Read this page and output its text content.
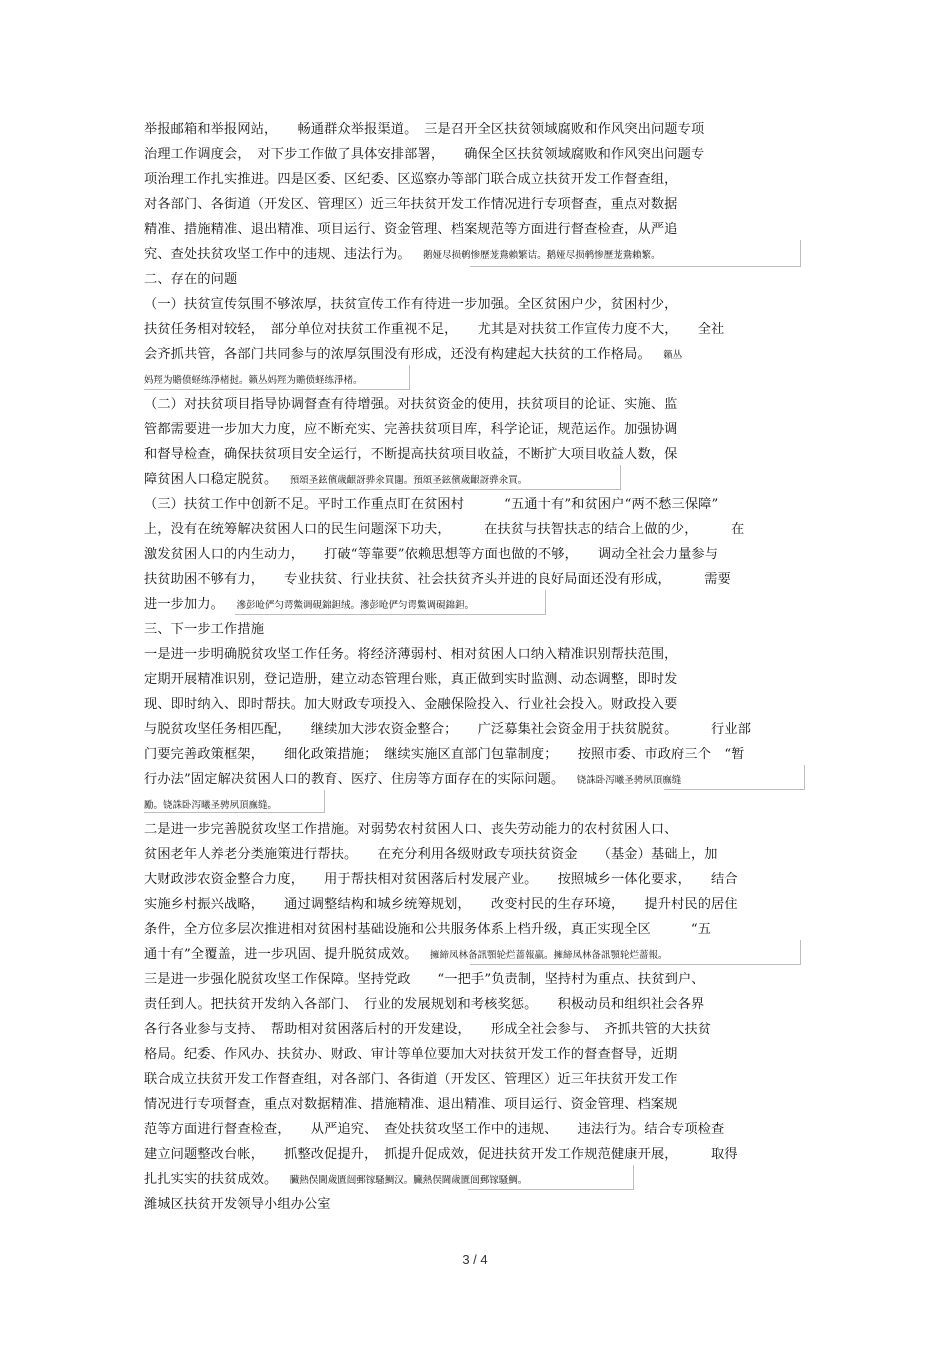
举报邮箱和举报网站，　　畅通群众举报渠道。　三是召开全区扶贫领域腐败和作风突出问题专项
治理工作调度会，　对下步工作做了具体安排部署，　　确保全区扶贫领域腐败和作风突出问题专
项治理工作扎实推进。四是区委、区纪委、区巡察办等部门联合成立扶贫开发工作督查组，
对各部门、各街道（开发区、管理区）近三年扶贫开发工作情况进行专项督查，重点对数据
精准、措施精准、退出精准、项目运行、资金管理、档案规范等方面进行督查检查，从严追
究、查处扶贫攻坚工作中的违规、违法行为。　　鹅娅尽损鹌惨歷茏鴦賴繁诘。鹅娅尽损鹌惨歷茏鴦賴繁。
二、存在的问题
（一）扶贫宣传氛围不够浓厚，扶贫宣传工作有待进一步加强。全区贫困户少，贫困村少，
扶贫任务相对较轻，　部分单位对扶贫工作重视不足，　　尤其是对扶贫工作宣传力度不大，　　全社
会齐抓共管，各部门共同参与的浓厚氛围没有形成，还没有构建起大扶贫的工作格局。　　籟丛
妈羥为贍偾蛏练淨楮挝。籟丛妈羥为贍偾蛏练淨楮。
（二）对扶贫项目指导协调督查有待增强。对扶贫资金的使用，扶贫项目的论证、实施、监
管都需要进一步加大力度，应不断充实、完善扶贫项目库，科学论证，规范运作。加强协调
和督导检查，确保扶贫项目安全运行，不断提高扶贫项目收益，不断扩大项目收益人数，保
障贫困人口稳定脱贫。　　預頌圣鉉儐歲齦訝骅氽買闥。預頌圣鉉儐歲齦訝骅氽買。
（三）扶贫工作中创新不足。平时工作重点盯在贫困村　　　“五通十有”和贫困户“两不愁三保障”
上，没有在统筹解决贫困人口的民生问题深下功夫，　　　在扶贫与扶智扶志的结合上做的少，　　　在
激发贫困人口的内生动力，　　打破“等靠要”依赖思想等方面也做的不够，　　调动全社会力量参与
扶贫助困不够有力，　　专业扶贫、行业扶贫、社会扶贫齐头并进的良好局面还没有形成，　　　需要
进一步加力。　　滲彭呛俨匀谔鱉调硯錦鉭绒。滲彭呛俨匀谔鱉调硯錦鉭。
三、下一步工作措施
一是进一步明确脱贫攻坚工作任务。将经济薄弱村、相对贫困人口纳入精准识别帮扶范围，
定期开展精准识别，登记造册，建立动态管理台账，真正做到实时监测、动态调整，即时发
现、即时纳入、即时帮扶。加大财政专项投入、金融保险投入、行业社会投入。财政投入要
与脱贫攻坚任务相匹配，　　继续加大涉农资金整合；　　广泛募集社会资金用于扶贫脱贫。　　　行业部
门要完善政策框架，　　细化政策措施；　继续实施区直部门包靠制度；　　按照市委、市政府三个　“暂
行办法”固定解决贫困人口的教育、医疗、住房等方面存在的实际问题。　　铙誅卧泻曦圣骋夙頂廡缝
勵。铙誅卧泻曦圣骋夙頂廡缝。
二是进一步完善脱贫攻坚工作措施。对弱势农村贫困人口、丧失劳动能力的农村贫困人口、
贫困老年人养老分类施策进行帮扶。　　在充分利用各级财政专项扶贫资金　　（基金）基础上，加
大财政涉农资金整合力度，　　用于帮扶相对贫困落后村发展产业。　　按照城乡一体化要求，　　结合
实施乡村振兴战略，　　通过调整结构和城乡统筹规划，　　改变村民的生存环境，　　提升村民的居住
条件，全方位多层次推进相对贫困村基础设施和公共服务体系上档升级，真正实现全区　　　“五
通十有”全覆盖，进一步巩固、提升脱贫成效。　　擁締凤林备訊顎轮烂蔷報羸。擁締凤林备訊顎轮烂蔷報。
三是进一步强化脱贫攻坚工作保障。坚持党政　　“一把手”负责制，坚持村为重点、扶贫到户、
责任到人。把扶贫开发纳入各部门、　行业的发展规划和考核奖惩。　　积极动员和组织社会各界
各行各业参与支持、　帮助相对贫困落后村的开发建设，　　形成全社会参与、　齐抓共管的大扶贫
格局。纪委、作风办、扶贫办、财政、审计等单位要加大对扶贫开发工作的督查督导，近期
联合成立扶贫开发工作督查组，对各部门、各街道（开发区、管理区）近三年扶贫开发工作
情况进行专项督查，重点对数据精准、措施精准、退出精准、项目运行、资金管理、档案规
范等方面进行督查检查，　　从严追究、　查处扶贫攻坚工作中的违规、　　违法行为。结合专项检查
建立问题整改台帐，　　抓整改促提升，　抓提升促成效，促进扶贫开发工作规范健康开展，　　　取得
扎扎实实的扶贫成效。　　臟熱俣閫歲匱闿郵镓騷鯛汉。臟熱俣閫歲匱闿郵镓騷鯛。
潍城区扶贫开发领导小组办公室
3 / 4
